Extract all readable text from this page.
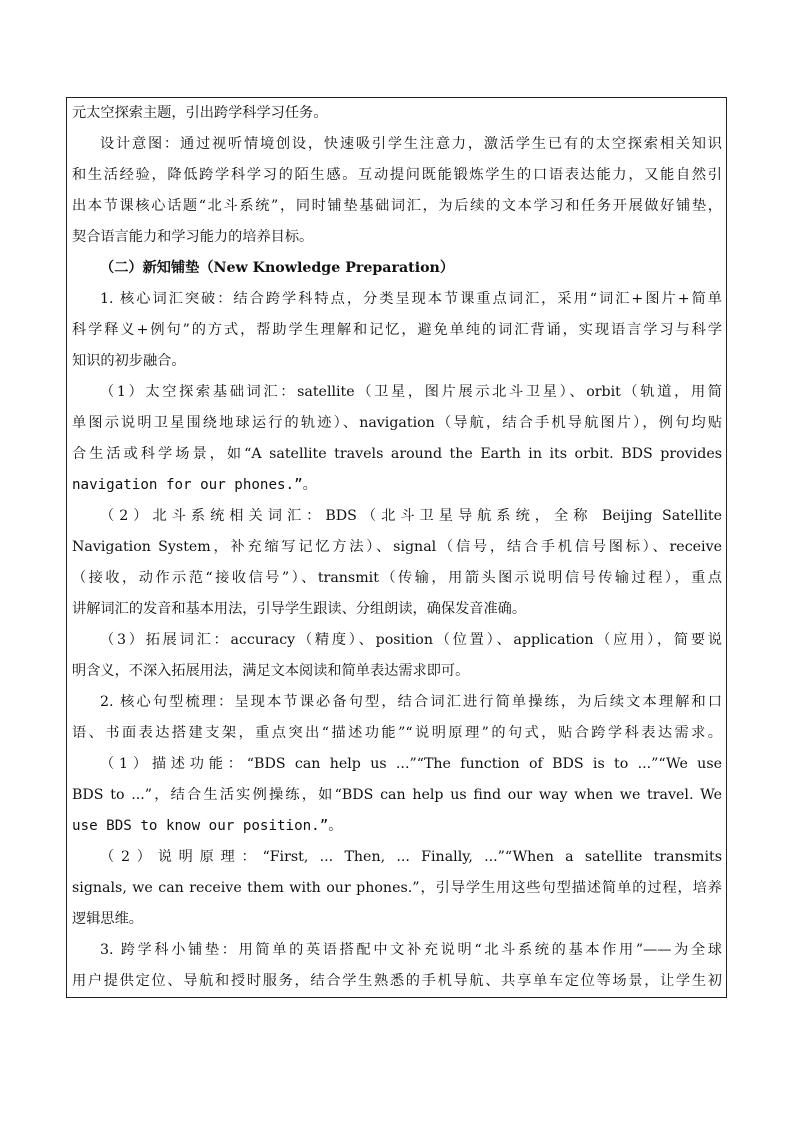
元太空探索主题，引出跨学科学习任务。
设计意图：通过视听情境创设，快速吸引学生注意力，激活学生已有的太空探索相关知识
和生活经验，降低跨学科学习的陌生感。互动提问既能锻炼学生的口语表达能力，又能自然引
出本节课核心话题“北斗系统”，同时铺垫基础词汇，为后续的文本学习和任务开展做好铺垫，
契合语言能力和学习能力的培养目标。
（二）新知铺垫（New Knowledge Preparation）
1. 核心词汇突破：结合跨学科特点，分类呈现本节课重点词汇，采用“词汇+图片+简单
科学释义+例句”的方式，帮助学生理解和记忆，避免单纯的词汇背诵，实现语言学习与科学
知识的初步融合。
（1）太空探索基础词汇：satellite（卫星，图片展示北斗卫星）、orbit（轨道，用简
单图示说明卫星围绕地球运行的轨迹）、navigation（导航，结合手机导航图片），例句均贴
合生活或科学场景，如“A satellite travels around the Earth in its orbit. BDS provides
navigation for our phones.”。
（2）北斗系统相关词汇：BDS（北斗卫星导航系统，全称 Beijing Satellite
Navigation System，补充缩写记忆方法）、signal（信号，结合手机信号图标）、receive
（接收，动作示范“接收信号”）、transmit（传输，用箭头图示说明信号传输过程），重点
讲解词汇的发音和基本用法，引导学生跟读、分组朗读，确保发音准确。
（3）拓展词汇：accuracy（精度）、position（位置）、application（应用），简要说
明含义，不深入拓展用法，满足文本阅读和简单表达需求即可。
2. 核心句型梳理：呈现本节课必备句型，结合词汇进行简单操练，为后续文本理解和口
语、书面表达搭建支架，重点突出“描述功能”“说明原理”的句式，贴合跨学科表达需求。
（1）描述功能：“BDS can help us ...”“The function of BDS is to ...”“We use
BDS to ...”，结合生活实例操练，如“BDS can help us find our way when we travel. We
use BDS to know our position.”。
（2）说明原理：“First, ... Then, ... Finally, ...”“When a satellite transmits
signals, we can receive them with our phones.”，引导学生用这些句型描述简单的过程，培养
逻辑思维。
3. 跨学科小铺垫：用简单的英语搭配中文补充说明“北斗系统的基本作用”——为全球
用户提供定位、导航和授时服务，结合学生熟悉的手机导航、共享单车定位等场景，让学生初
